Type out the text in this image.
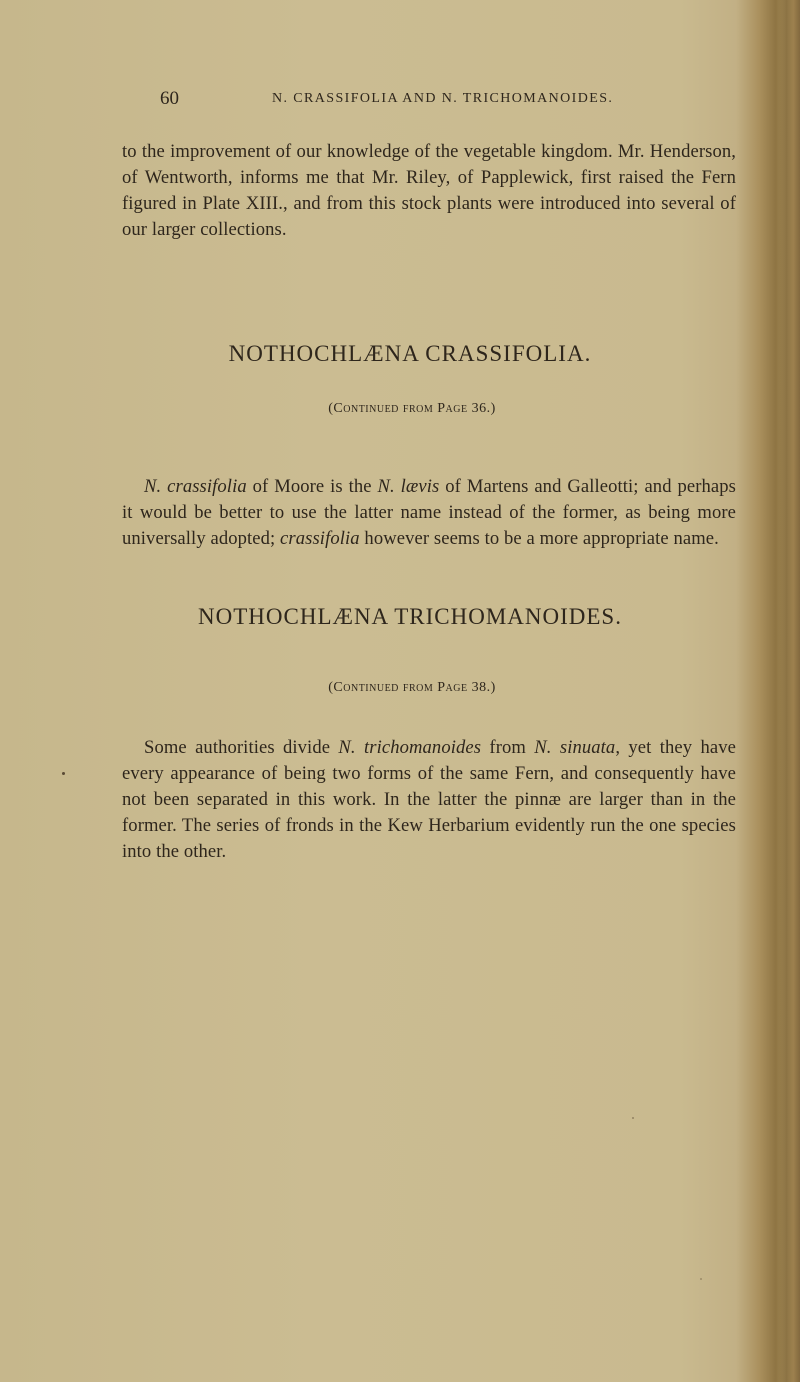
60	N. CRASSIFOLIA AND N. TRICHOMANOIDES.

to the improvement of our knowledge of the vegetable kingdom. Mr. Henderson, of Wentworth, informs me that Mr. Riley, of Papplewick, first raised the Fern figured in Plate XIII., and from this stock plants were introduced into several of our larger collections.

NOTHOCHLÆNA CRASSIFOLIA.
(Continued from Page 36.)

N. crassifolia of Moore is the N. lævis of Martens and Galleotti; and perhaps it would be better to use the latter name instead of the former, as being more universally adopted; crassifolia however seems to be a more appropriate name.

NOTHOCHLÆNA TRICHOMANOIDES.
(Continued from Page 38.)

Some authorities divide N. trichomanoides from N. sinuata, yet they have every appearance of being two forms of the same Fern, and consequently have not been separated in this work. In the latter the pinnæ are larger than in the former. The series of fronds in the Kew Herbarium evidently run the one species into the other.
